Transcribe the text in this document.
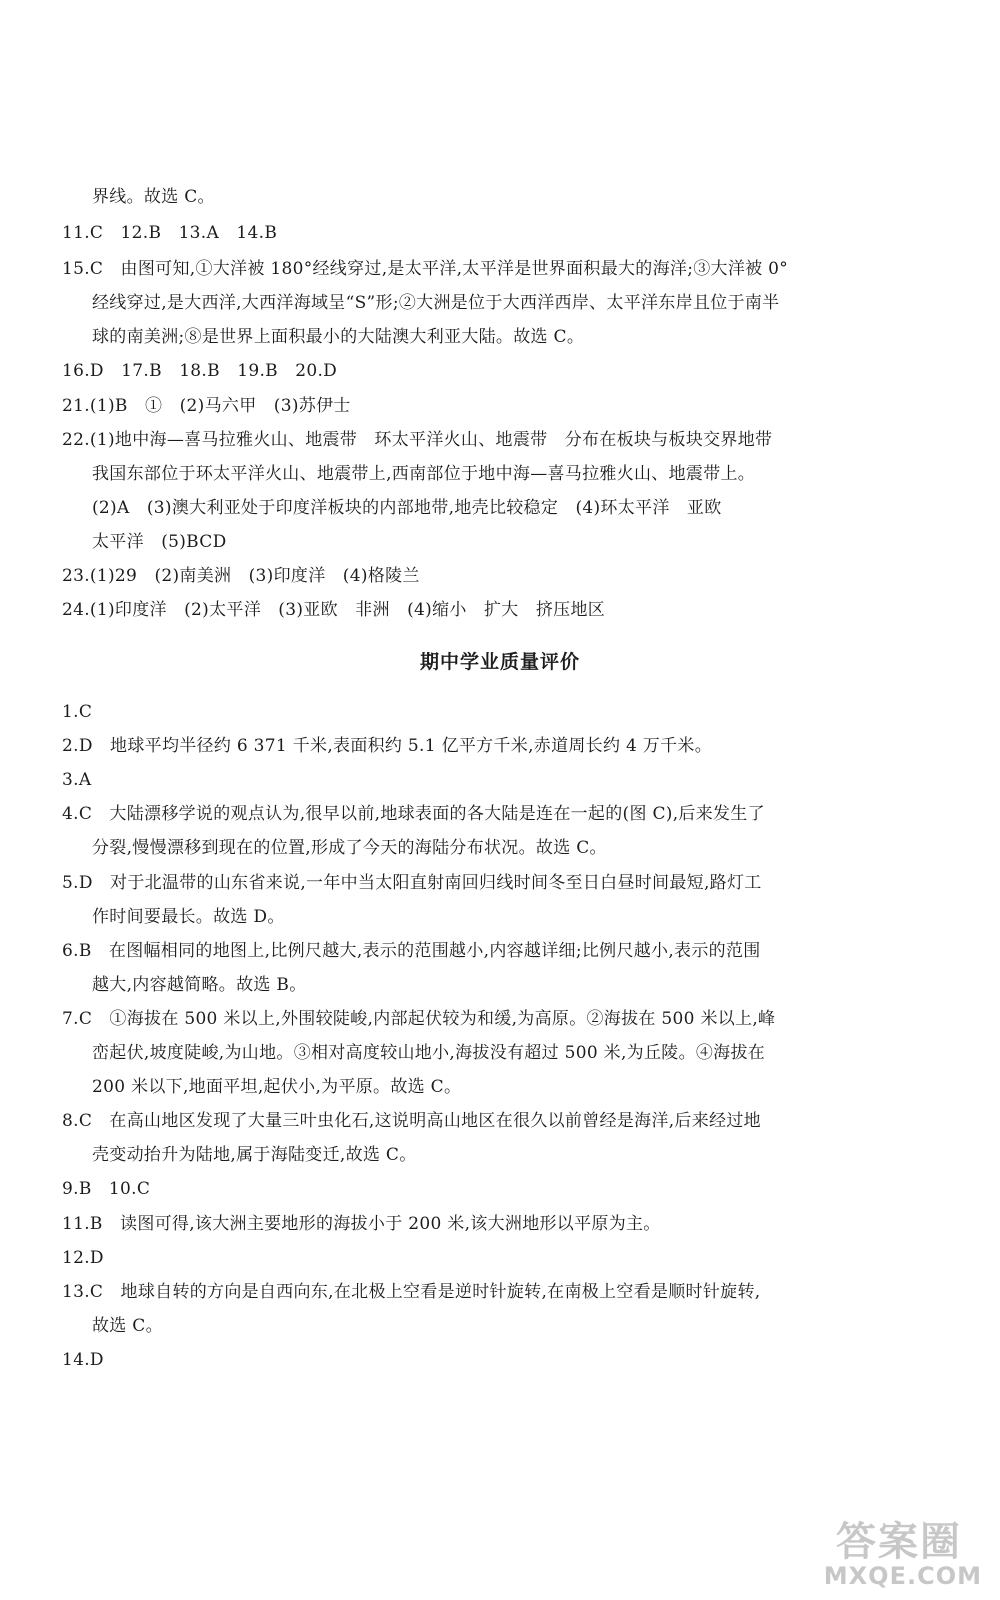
界线。故选 C。
11.C　12.B　13.A　14.B
15.C　由图可知,①大洋被 180°经线穿过,是太平洋,太平洋是世界面积最大的海洋;③大洋被 0°
经线穿过,是大西洋,大西洋海域呈“S”形;②大洲是位于大西洋西岸、太平洋东岸且位于南半
球的南美洲;⑧是世界上面积最小的大陆澳大利亚大陆。故选 C。
16.D　17.B　18.B　19.B　20.D
21.(1)B　①　(2)马六甲　(3)苏伊士
22.(1)地中海—喜马拉雅火山、地震带　环太平洋火山、地震带　分布在板块与板块交界地带
我国东部位于环太平洋火山、地震带上,西南部位于地中海—喜马拉雅火山、地震带上。
(2)A　(3)澳大利亚处于印度洋板块的内部地带,地壳比较稳定　(4)环太平洋　亚欧
太平洋　(5)BCD
23.(1)29　(2)南美洲　(3)印度洋　(4)格陵兰
24.(1)印度洋　(2)太平洋　(3)亚欧　非洲　(4)缩小　扩大　挤压地区
期中学业质量评价
1.C
2.D　地球平均半径约 6 371 千米,表面积约 5.1 亿平方千米,赤道周长约 4 万千米。
3.A
4.C　大陆漂移学说的观点认为,很早以前,地球表面的各大陆是连在一起的(图 C),后来发生了
分裂,慢慢漂移到现在的位置,形成了今天的海陆分布状况。故选 C。
5.D　对于北温带的山东省来说,一年中当太阳直射南回归线时间冬至日白昼时间最短,路灯工
作时间要最长。故选 D。
6.B　在图幅相同的地图上,比例尺越大,表示的范围越小,内容越详细;比例尺越小,表示的范围
越大,内容越简略。故选 B。
7.C　①海拔在 500 米以上,外围较陡峻,内部起伏较为和缓,为高原。②海拔在 500 米以上,峰
峦起伏,坡度陡峻,为山地。③相对高度较山地小,海拔没有超过 500 米,为丘陵。④海拔在
200 米以下,地面平坦,起伏小,为平原。故选 C。
8.C　在高山地区发现了大量三叶虫化石,这说明高山地区在很久以前曾经是海洋,后来经过地
壳变动抬升为陆地,属于海陆变迁,故选 C。
9.B　10.C
11.B　读图可得,该大洲主要地形的海拔小于 200 米,该大洲地形以平原为主。
12.D
13.C　地球自转的方向是自西向东,在北极上空看是逆时针旋转,在南极上空看是顺时针旋转,
故选 C。
14.D
答案圈
MXQE.COM
